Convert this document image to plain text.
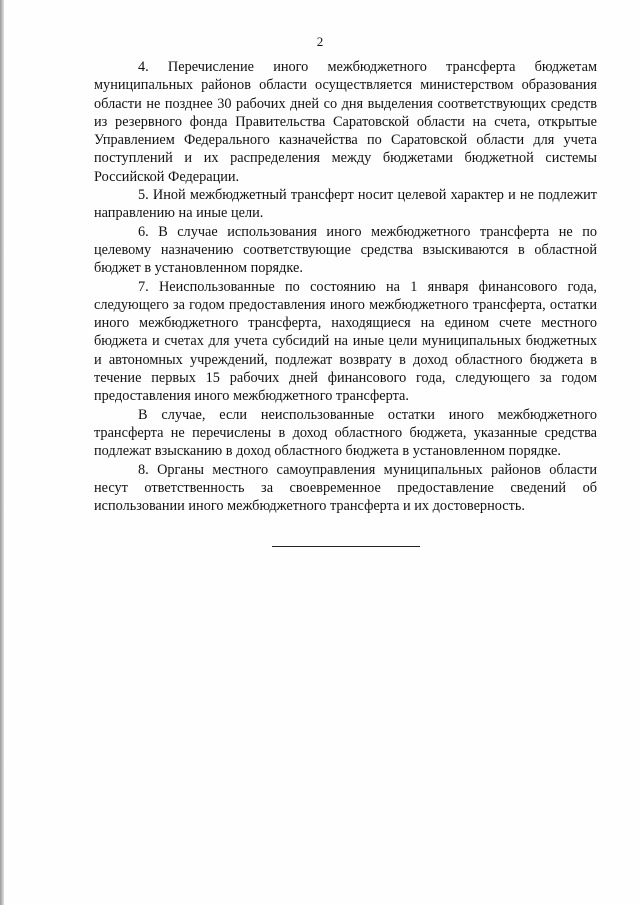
2

4. Перечисление иного межбюджетного трансферта бюджетам муниципальных районов области осуществляется министерством образования области не позднее 30 рабочих дней со дня выделения соответствующих средств из резервного фонда Правительства Саратовской области на счета, открытые Управлением Федерального казначейства по Саратовской области для учета поступлений и их распределения между бюджетами бюджетной системы Российской Федерации.

5. Иной межбюджетный трансферт носит целевой характер и не подлежит направлению на иные цели.

6. В случае использования иного межбюджетного трансферта не по целевому назначению соответствующие средства взыскиваются в областной бюджет в установленном порядке.

7. Неиспользованные по состоянию на 1 января финансового года, следующего за годом предоставления иного межбюджетного трансферта, остатки иного межбюджетного трансферта, находящиеся на едином счете местного бюджета и счетах для учета субсидий на иные цели муниципальных бюджетных и автономных учреждений, подлежат возврату в доход областного бюджета в течение первых 15 рабочих дней финансового года, следующего за годом предоставления иного межбюджетного трансферта.

В случае, если неиспользованные остатки иного межбюджетного трансферта не перечислены в доход областного бюджета, указанные средства подлежат взысканию в доход областного бюджета в установленном порядке.

8. Органы местного самоуправления муниципальных районов области несут ответственность за своевременное предоставление сведений об использовании иного межбюджетного трансферта и их достоверность.
